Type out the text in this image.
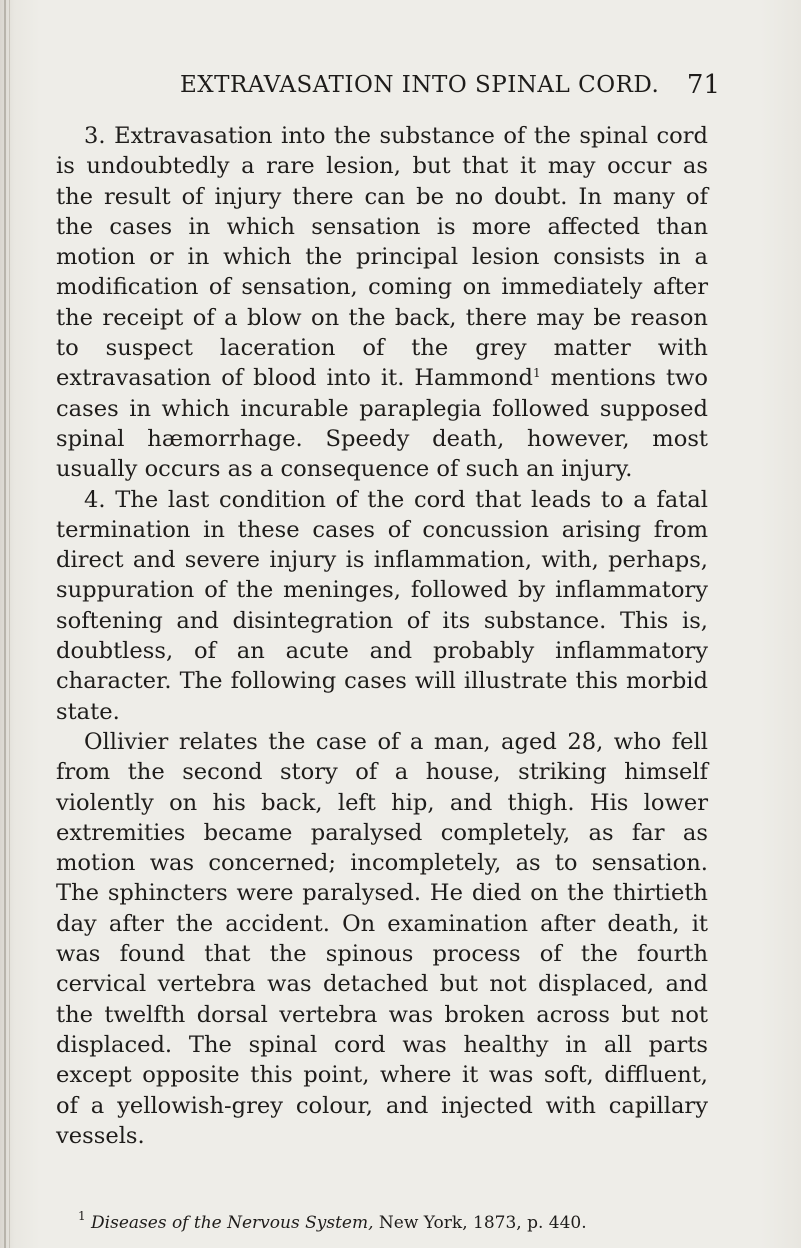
EXTRAVASATION INTO SPINAL CORD.	71

3. Extravasation into the substance of the spinal cord is undoubtedly a rare lesion, but that it may occur as the result of injury there can be no doubt. In many of the cases in which sensation is more affected than motion or in which the principal lesion consists in a modification of sensation, coming on immediately after the receipt of a blow on the back, there may be reason to suspect laceration of the grey matter with extravasation of blood into it. Hammond$^1$ mentions two cases in which incurable paraplegia followed supposed spinal hæmorrhage. Speedy death, however, most usually occurs as a consequence of such an injury.

4. The last condition of the cord that leads to a fatal termination in these cases of concussion arising from direct and severe injury is inflammation, with, perhaps, suppuration of the meninges, followed by inflammatory softening and disintegration of its substance. This is, doubtless, of an acute and probably inflammatory character. The following cases will illustrate this morbid state.

Ollivier relates the case of a man, aged 28, who fell from the second story of a house, striking himself violently on his back, left hip, and thigh. His lower extremities became paralysed completely, as far as motion was concerned; incompletely, as to sensation. The sphincters were paralysed. He died on the thirtieth day after the accident. On examination after death, it was found that the spinous process of the fourth cervical vertebra was detached but not displaced, and the twelfth dorsal vertebra was broken across but not displaced. The spinal cord was healthy in all parts except opposite this point, where it was soft, diffluent, of a yellowish-grey colour, and injected with capillary vessels.

$^1$ Diseases of the Nervous System, New York, 1873, p. 440.
